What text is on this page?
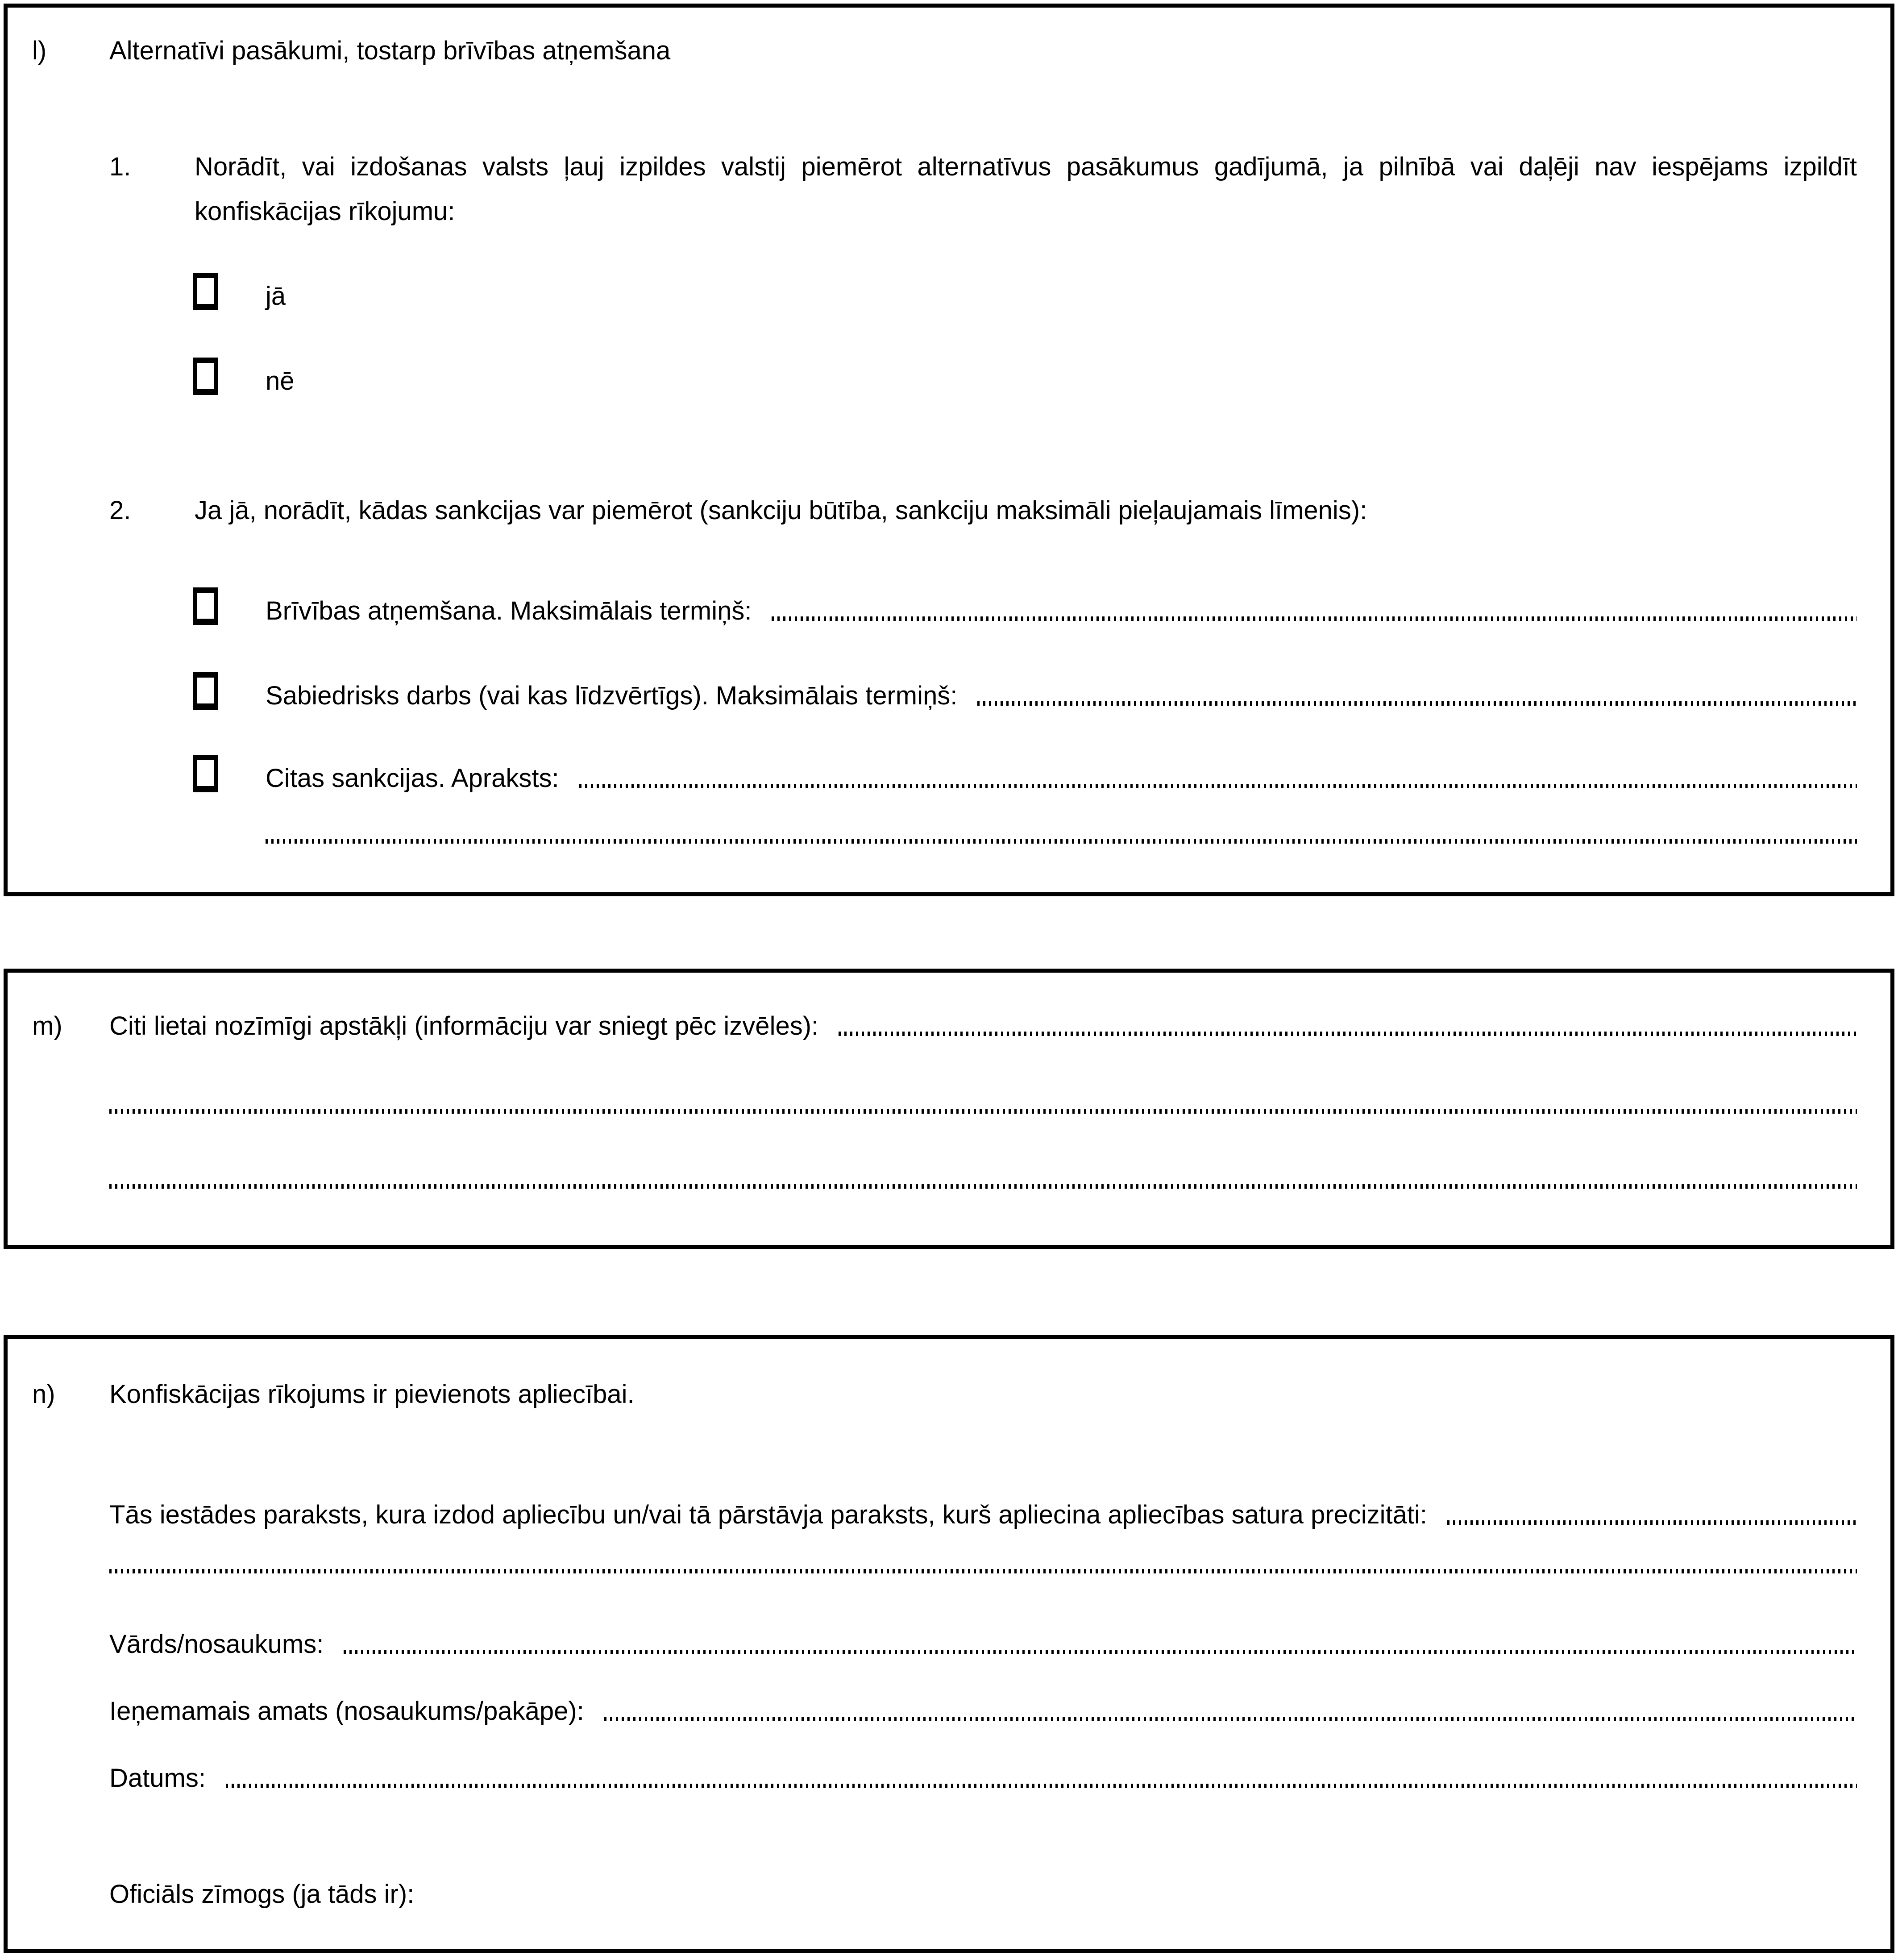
l)	Alternatīvi pasākumi, tostarp brīvības atņemšana
1.	Norādīt, vai izdošanas valsts ļauj izpildes valstij piemērot alternatīvus pasākumus gadījumā, ja pilnībā vai daļēji nav iespējams izpildīt konfiskācijas rīkojumu:
jā
nē
2.	Ja jā, norādīt, kādas sankcijas var piemērot (sankciju būtība, sankciju maksimāli pieļaujamais līmenis):
Brīvības atņemšana. Maksimālais termiņš:
Sabiedrisks darbs (vai kas līdzvērtīgs). Maksimālais termiņš:
Citas sankcijas. Apraksts:
m)	Citi lietai nozīmīgi apstākļi (informāciju var sniegt pēc izvēles):
n)	Konfiskācijas rīkojums ir pievienots apliecībai.
Tās iestādes paraksts, kura izdod apliecību un/vai tā pārstāvja paraksts, kurš apliecina apliecības satura precizitāti:
Vārds/nosaukums:
Ieņemamais amats (nosaukums/pakāpe):
Datums:
Oficiāls zīmogs (ja tāds ir):
